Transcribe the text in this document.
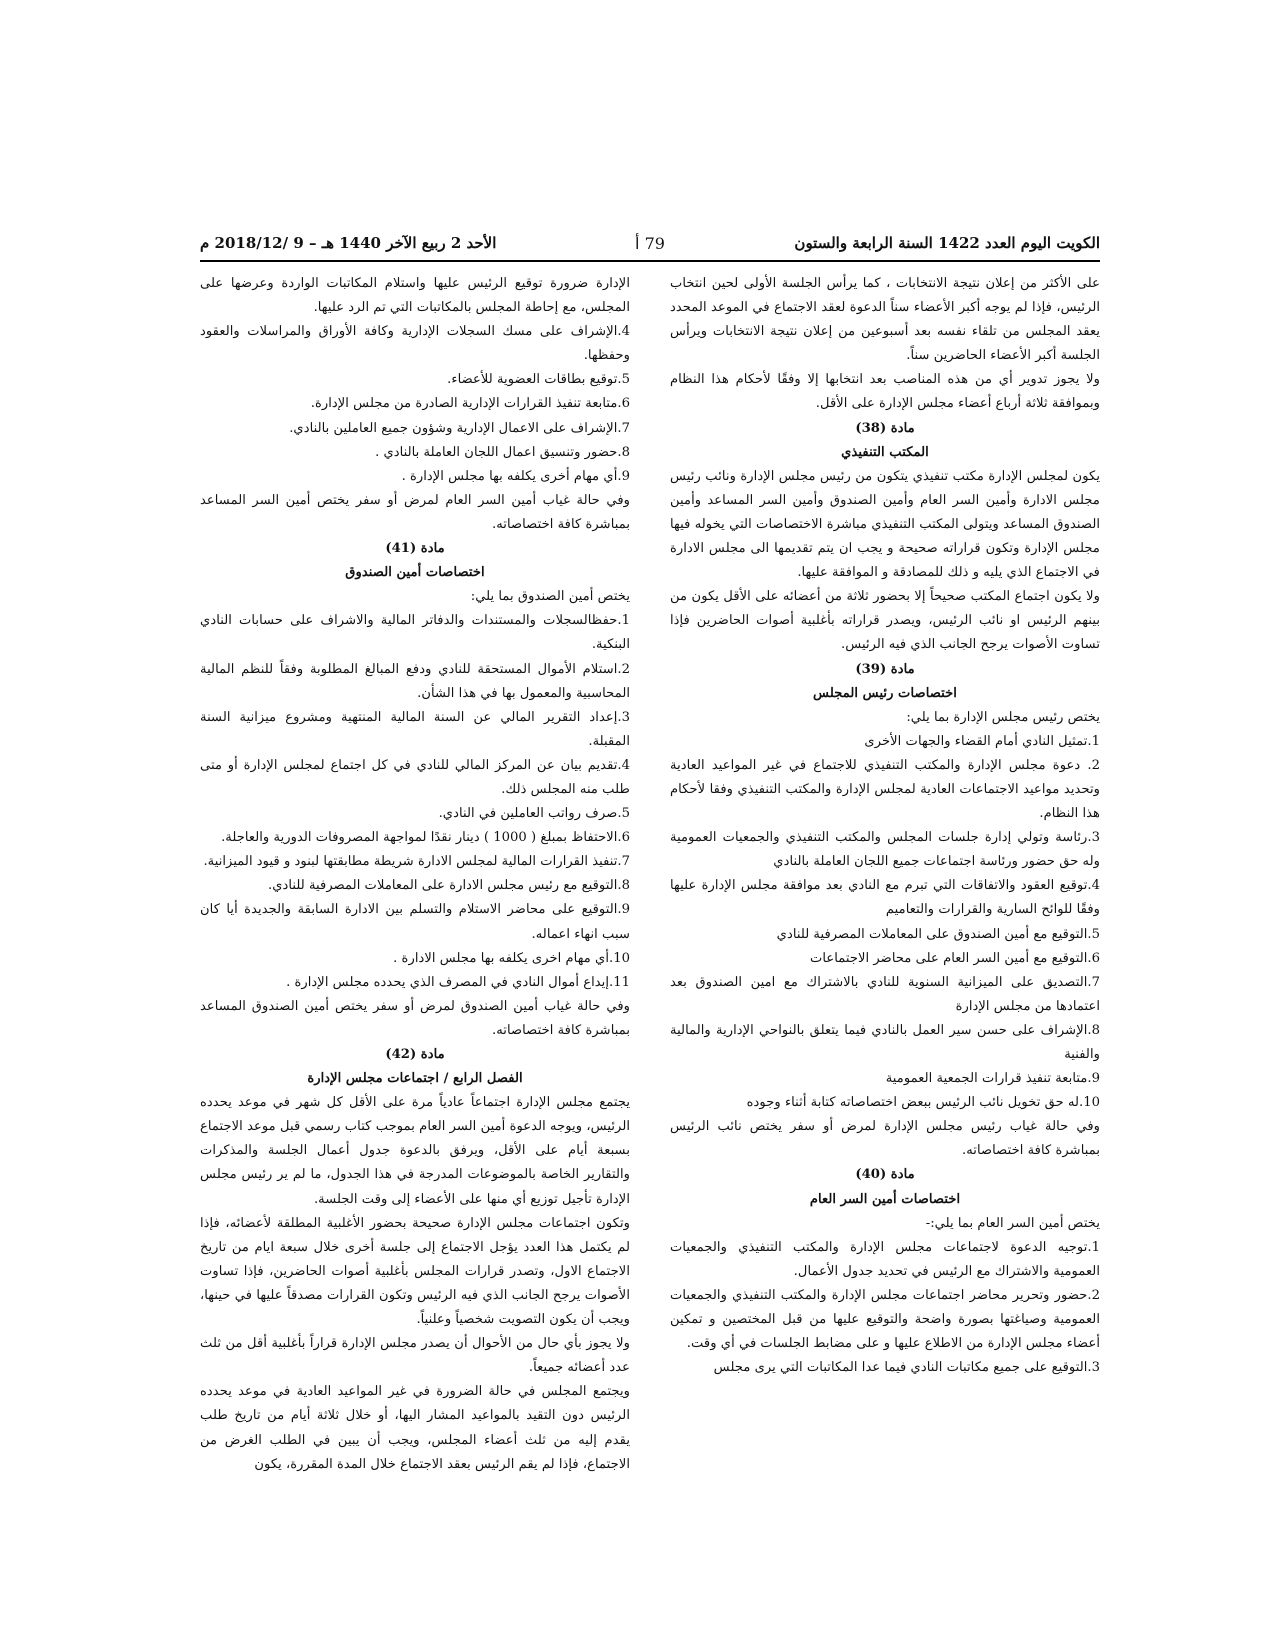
الكويت اليوم العدد 1422 السنة الرابعة والستون
79 أ
الأحد 2 ربيع الآخر 1440 هـ – 9 /2018/12 م

على الأكثر من إعلان نتيجة الانتخابات ، كما يرأس الجلسة الأولى لحين انتخاب الرئيس، فإذا لم يوجه أكبر الأعضاء سناً الدعوة لعقد الاجتماع في الموعد المحدد يعقد المجلس من تلقاء نفسه بعد أسبوعين من إعلان نتيجة الانتخابات ويرأس الجلسة أكبر الأعضاء الحاضرين سناً.

ولا يجوز تدوير أي من هذه المناصب بعد انتخابها إلا وفقًا لأحكام هذا النظام وبموافقة ثلاثة أرباع أعضاء مجلس الإدارة على الأقل.

مادة (38)

المكتب التنفيذي

يكون لمجلس الإدارة مكتب تنفيذي يتكون من رئيس مجلس الإدارة ونائب رئيس مجلس الادارة وأمين السر العام وأمين الصندوق وأمين السر المساعد وأمين الصندوق المساعد ويتولى المكتب التنفيذي مباشرة الاختصاصات التي يخوله فيها مجلس الإدارة وتكون قراراته صحيحة و يجب ان يتم تقديمها الى مجلس الادارة في الاجتماع الذي يليه و ذلك للمصادقة و الموافقة عليها.

ولا يكون اجتماع المكتب صحيحاً إلا بحضور ثلاثة من أعضائه على الأقل يكون من بينهم الرئيس او نائب الرئيس، ويصدر قراراته بأغلبية أصوات الحاضرين فإذا تساوت الأصوات يرجح الجانب الذي فيه الرئيس.

مادة (39)

اختصاصات رئيس المجلس

يختص رئيس مجلس الإدارة بما يلي:

1.تمثيل النادي أمام القضاء والجهات الأخرى

2. دعوة مجلس الإدارة والمكتب التنفيذي للاجتماع في غير المواعيد العادية وتحديد مواعيد الاجتماعات العادية لمجلس الإدارة والمكتب التنفيذي وفقا لأحكام هذا النظام.

3.رئاسة وتولي إدارة جلسات المجلس والمكتب التنفيذي والجمعيات العمومية وله حق حضور ورئاسة اجتماعات جميع اللجان العاملة بالنادي

4.توقيع العقود والاتفاقات التي تبرم مع النادي بعد موافقة مجلس الإدارة عليها وفقًا للوائح السارية والقرارات والتعاميم

5.التوقيع مع أمين الصندوق على المعاملات المصرفية للنادي

6.التوقيع مع أمين السر العام على محاضر الاجتماعات

7.التصديق على الميزانية السنوية للنادي بالاشتراك مع امين الصندوق بعد اعتمادها من مجلس الإدارة

8.الإشراف على حسن سير العمل بالنادي فيما يتعلق بالنواحي الإدارية والمالية والفنية

9.متابعة تنفيذ قرارات الجمعية العمومية

10.له حق تخويل نائب الرئيس ببعض اختصاصاته كتابة أثناء وجوده

وفي حالة غياب رئيس مجلس الإدارة لمرض أو سفر يختص نائب الرئيس بمباشرة كافة اختصاصاته.

مادة (40)

اختصاصات أمين السر العام

يختص أمين السر العام بما يلي:-

1.توجيه الدعوة لاجتماعات مجلس الإدارة والمكتب التنفيذي والجمعيات العمومية والاشتراك مع الرئيس في تحديد جدول الأعمال.

2.حضور وتحرير محاضر اجتماعات مجلس الإدارة والمكتب التنفيذي والجمعيات العمومية وصياغتها بصورة واضحة والتوقيع عليها من قبل المختصين و تمكين أعضاء مجلس الإدارة من الاطلاع عليها و على مضابط الجلسات في أي وقت.

3.التوقيع على جميع مكاتبات النادي فيما عدا المكاتبات التي يرى مجلس

الإدارة ضرورة توقيع الرئيس عليها واستلام المكاتبات الواردة وعرضها على المجلس، مع إحاطة المجلس بالمكاتبات التي تم الرد عليها.

4.الإشراف على مسك السجلات الإدارية وكافة الأوراق والمراسلات والعقود وحفظها.

5.توقيع بطاقات العضوية للأعضاء.

6.متابعة تنفيذ القرارات الإدارية الصادرة من مجلس الإدارة.

7.الإشراف على الاعمال الإدارية وشؤون جميع العاملين بالنادي.

8.حضور وتنسيق اعمال اللجان العاملة بالنادي .

9.أي مهام أخرى يكلفه بها مجلس الإدارة .

وفي حالة غياب أمين السر العام لمرض أو سفر يختص أمين السر المساعد بمباشرة كافة اختصاصاته.

مادة (41)

اختصاصات أمين الصندوق

يختص أمين الصندوق بما يلي:

1.حفظالسجلات والمستندات والدفاتر المالية والاشراف على حسابات النادي البنكية.

2.استلام الأموال المستحقة للنادي ودفع المبالغ المطلوبة وفقاً للنظم المالية المحاسبية والمعمول بها في هذا الشأن.

3.إعداد التقرير المالي عن السنة المالية المنتهية ومشروع ميزانية السنة المقبلة.

4.تقديم بيان عن المركز المالي للنادي في كل اجتماع لمجلس الإدارة أو متى طلب منه المجلس ذلك.

5.صرف رواتب العاملين في النادي.

6.الاحتفاظ بمبلغ ( 1000 ) دينار نقدًا لمواجهة المصروفات الدورية والعاجلة.

7.تنفيذ القرارات المالية لمجلس الادارة شريطة مطابقتها لبنود و قيود الميزانية.

8.التوقيع مع رئيس مجلس الادارة على المعاملات المصرفية للنادي.

9.التوقيع على محاضر الاستلام والتسلم بين الادارة السابقة والجديدة أيا كان سبب انهاء اعماله.

10.أي مهام اخرى يكلفه بها مجلس الادارة .

11.إيداع أموال النادي في المصرف الذي يحدده مجلس الإدارة .

وفي حالة غياب أمين الصندوق لمرض أو سفر يختص أمين الصندوق المساعد بمباشرة كافة اختصاصاته.

مادة (42)

الفصل الرابع / اجتماعات مجلس الإدارة

يجتمع مجلس الإدارة اجتماعاً عادياً مرة على الأقل كل شهر في موعد يحدده الرئيس، ويوجه الدعوة أمين السر العام بموجب كتاب رسمي قبل موعد الاجتماع بسبعة أيام على الأقل، ويرفق بالدعوة جدول أعمال الجلسة والمذكرات والتقارير الخاصة بالموضوعات المدرجة في هذا الجدول، ما لم ير رئيس مجلس الإدارة تأجيل توزيع أي منها على الأعضاء إلى وقت الجلسة.

وتكون اجتماعات مجلس الإدارة صحيحة بحضور الأغلبية المطلقة لأعضائه، فإذا لم يكتمل هذا العدد يؤجل الاجتماع إلى جلسة أخرى خلال سبعة ايام من تاريخ الاجتماع الاول، وتصدر قرارات المجلس بأغلبية أصوات الحاضرين، فإذا تساوت الأصوات يرجح الجانب الذي فيه الرئيس وتكون القرارات مصدقاً عليها في حينها، ويجب أن يكون التصويت شخصياً وعلنياً.

ولا يجوز بأي حال من الأحوال أن يصدر مجلس الإدارة قراراً بأغلبية أقل من ثلث عدد أعضائه جميعاً.

ويجتمع المجلس في حالة الضرورة في غير المواعيد العادية في موعد يحدده الرئيس دون التقيد بالمواعيد المشار اليها، أو خلال ثلاثة أيام من تاريخ طلب يقدم إليه من ثلث أعضاء المجلس، ويجب أن يبين في الطلب الغرض من الاجتماع، فإذا لم يقم الرئيس بعقد الاجتماع خلال المدة المقررة، يكون
